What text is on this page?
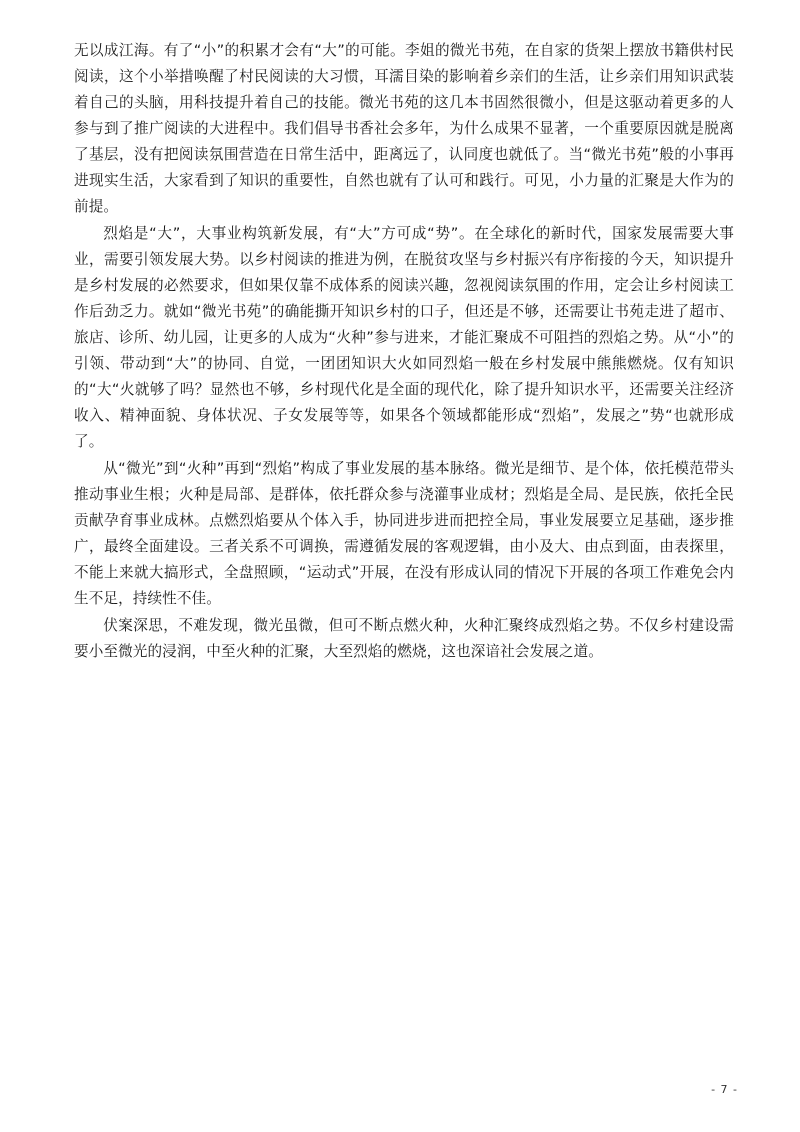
无以成江海。有了“小”的积累才会有“大”的可能。李姐的微光书苑，在自家的货架上摆放书籍供村民阅读，这个小举措唤醒了村民阅读的大习惯，耳濡目染的影响着乡亲们的生活，让乡亲们用知识武装着自己的头脑，用科技提升着自己的技能。微光书苑的这几本书固然很微小，但是这驱动着更多的人参与到了推广阅读的大进程中。我们倡导书香社会多年，为什么成果不显著，一个重要原因就是脱离了基层，没有把阅读氛围营造在日常生活中，距离远了，认同度也就低了。当“微光书苑”般的小事再进现实生活，大家看到了知识的重要性，自然也就有了认可和践行。可见，小力量的汇聚是大作为的前提。

烈焰是“大”，大事业构筑新发展，有“大”方可成“势”。在全球化的新时代，国家发展需要大事业，需要引领发展大势。以乡村阅读的推进为例，在脱贫攻坚与乡村振兴有序衔接的今天，知识提升是乡村发展的必然要求，但如果仅靠不成体系的阅读兴趣，忽视阅读氛围的作用，定会让乡村阅读工作后劲乏力。就如“微光书苑”的确能撕开知识乡村的口子，但还是不够，还需要让书苑走进了超市、旅店、诊所、幼儿园，让更多的人成为“火种”参与进来，才能汇聚成不可阻挡的烈焰之势。从“小”的引领、带动到“大”的协同、自觉，一团团知识大火如同烈焰一般在乡村发展中熊熊燃烧。仅有知识的“大“火就够了吗？显然也不够，乡村现代化是全面的现代化，除了提升知识水平，还需要关注经济收入、精神面貌、身体状况、子女发展等等，如果各个领域都能形成“烈焰”，发展之”势“也就形成了。

从“微光”到“火种”再到“烈焰”构成了事业发展的基本脉络。微光是细节、是个体，依托模范带头推动事业生根；火种是局部、是群体，依托群众参与浇灌事业成材；烈焰是全局、是民族，依托全民贡献孕育事业成林。点燃烈焰要从个体入手，协同进步进而把控全局，事业发展要立足基础，逐步推广，最终全面建设。三者关系不可调换，需遵循发展的客观逻辑，由小及大、由点到面，由表探里，不能上来就大搞形式，全盘照顾，“运动式”开展，在没有形成认同的情况下开展的各项工作难免会内生不足，持续性不佳。

伏案深思，不难发现，微光虽微，但可不断点燃火种，火种汇聚终成烈焰之势。不仅乡村建设需要小至微光的浸润，中至火种的汇聚，大至烈焰的燃烧，这也深谙社会发展之道。

- 7 -
